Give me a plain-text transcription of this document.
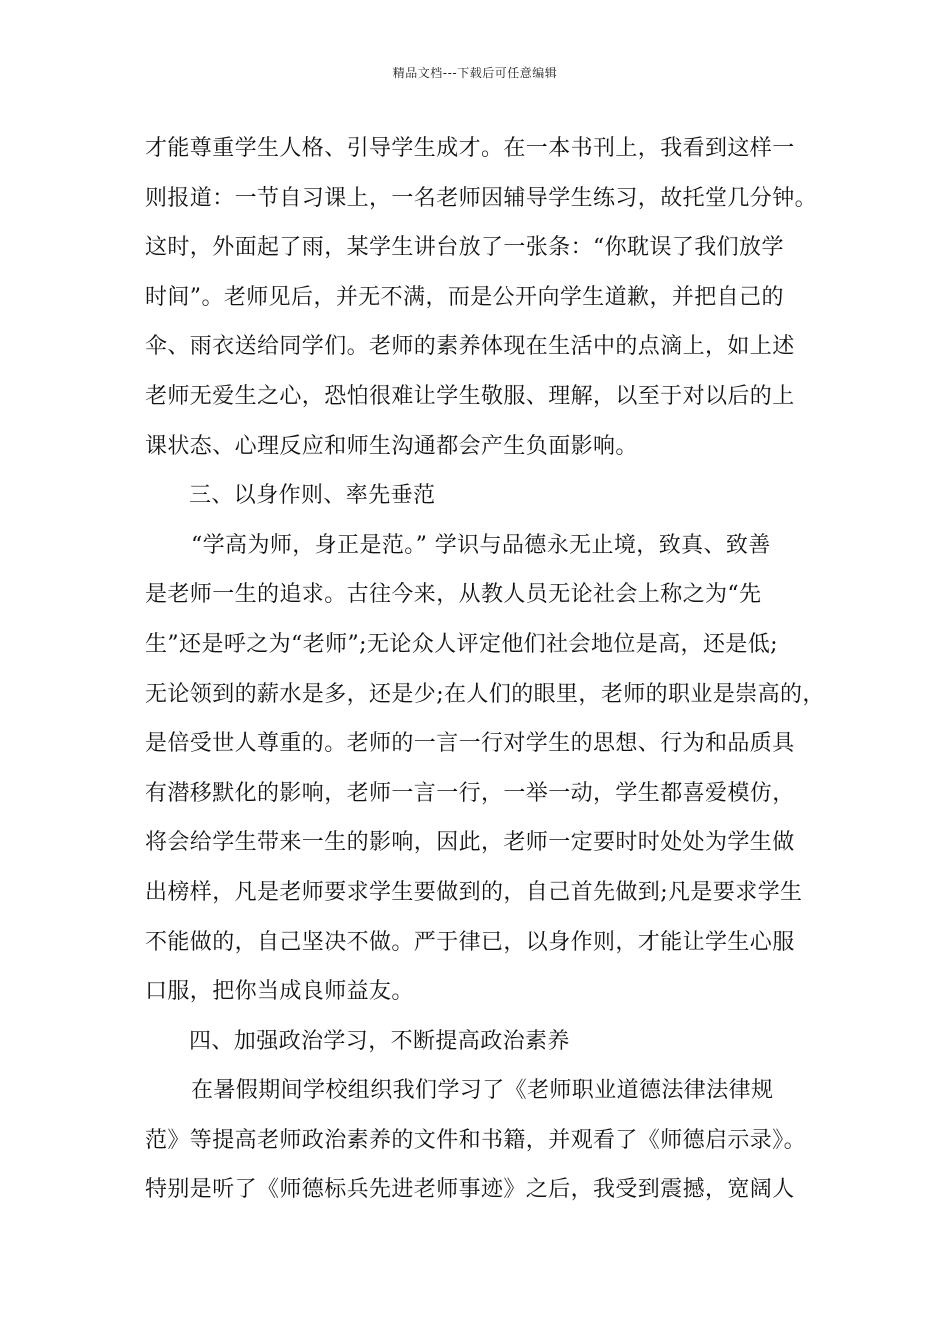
精品文档---下载后可任意编辑
才能尊重学生人格、引导学生成才。在一本书刊上，我看到这样一
则报道：一节自习课上，一名老师因辅导学生练习，故托堂几分钟。
这时，外面起了雨，某学生讲台放了一张条：“你耽误了我们放学
时间”。老师见后，并无不满，而是公开向学生道歉，并把自己的
伞、雨衣送给同学们。老师的素养体现在生活中的点滴上，如上述
老师无爱生之心，恐怕很难让学生敬服、理解，以至于对以后的上
课状态、心理反应和师生沟通都会产生负面影响。
三、以身作则、率先垂范
“学高为师，身正是范。” 学识与品德永无止境，致真、致善
是老师一生的追求。古往今来，从教人员无论社会上称之为“先
生”还是呼之为“老师”;无论众人评定他们社会地位是高，还是低;
无论领到的薪水是多，还是少;在人们的眼里，老师的职业是崇高的，
是倍受世人尊重的。老师的一言一行对学生的思想、行为和品质具
有潜移默化的影响，老师一言一行，一举一动，学生都喜爱模仿，
将会给学生带来一生的影响，因此，老师一定要时时处处为学生做
出榜样，凡是老师要求学生要做到的，自己首先做到;凡是要求学生
不能做的，自己坚决不做。严于律已，以身作则，才能让学生心服
口服，把你当成良师益友。
四、加强政治学习，不断提高政治素养
在暑假期间学校组织我们学习了《老师职业道德法律法律规
范》等提高老师政治素养的文件和书籍，并观看了《师德启示录》。
特别是听了《师德标兵先进老师事迹》之后，我受到震撼，宽阔人
